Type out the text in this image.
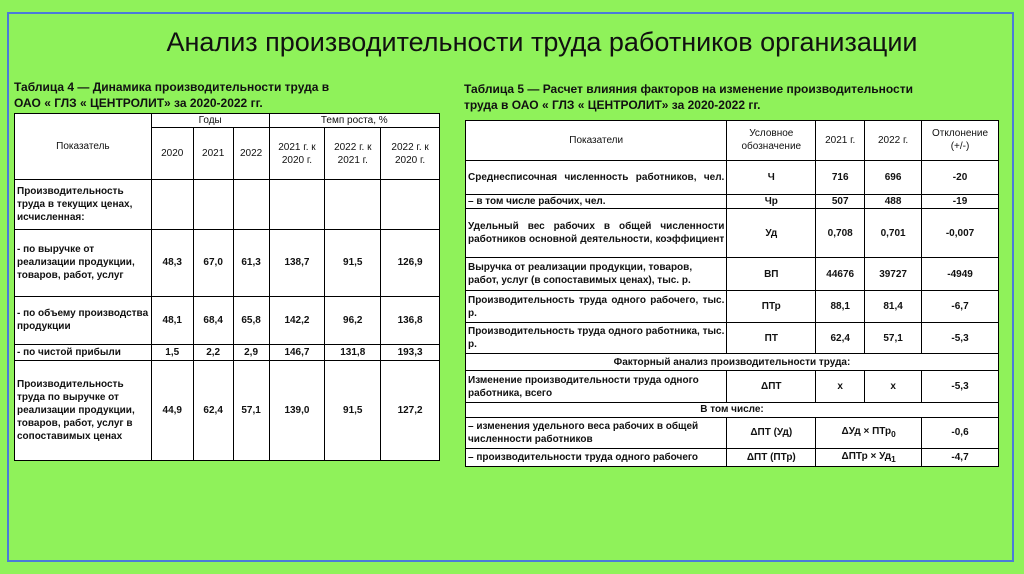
Анализ производительности труда работников организации
Таблица 4 — Динамика производительности труда в
ОАО « ГЛЗ « ЦЕНТРОЛИТ» за 2020-2022 гг.
Показатель	Годы			Темп роста, %		
	2020	2021	2022	2021 г. к 2020 г.	2022 г. к 2021 г.	2022 г. к 2020 г.
Производительность труда в текущих ценах, исчисленная:						
- по выручке от реализации продукции, товаров, работ, услуг	48,3	67,0	61,3	138,7	91,5	126,9
- по объему производства продукции	48,1	68,4	65,8	142,2	96,2	136,8
- по чистой прибыли	1,5	2,2	2,9	146,7	131,8	193,3
Производительность труда по выручке от реализации продукции, товаров, работ, услуг в сопоставимых ценах	44,9	62,4	57,1	139,0	91,5	127,2
Таблица 5 — Расчет влияния факторов на изменение производительности
труда в ОАО « ГЛЗ « ЦЕНТРОЛИТ» за 2020-2022 гг.
Показатели	Условное обозначение	2021 г.	2022 г.	Отклонение (+/-)
Среднесписочная численность работников, чел.	Ч	716	696	-20
– в том числе рабочих, чел.	Чр	507	488	-19
Удельный вес рабочих в общей численности работников основной деятельности, коэффициент	Уд	0,708	0,701	-0,007
Выручка от реализации продукции, товаров, работ, услуг (в сопоставимых ценах), тыс. р.	ВП	44676	39727	-4949
Производительность труда одного рабочего, тыс. р.	ПТр	88,1	81,4	-6,7
Производительность труда одного работника, тыс. р.	ПТ	62,4	57,1	-5,3
Факторный анализ производительности труда:				
Изменение производительности труда одного работника, всего	ΔПТ	х	х	-5,3
В том числе:				
– изменения удельного веса рабочих в общей численности работников	ΔПТ (Уд)	ΔУд × ПТр$_0$		-0,6
– производительности труда одного рабочего	ΔПТ (ПТр)	$\Delta ПТр \times Уд_1$		-4,7
